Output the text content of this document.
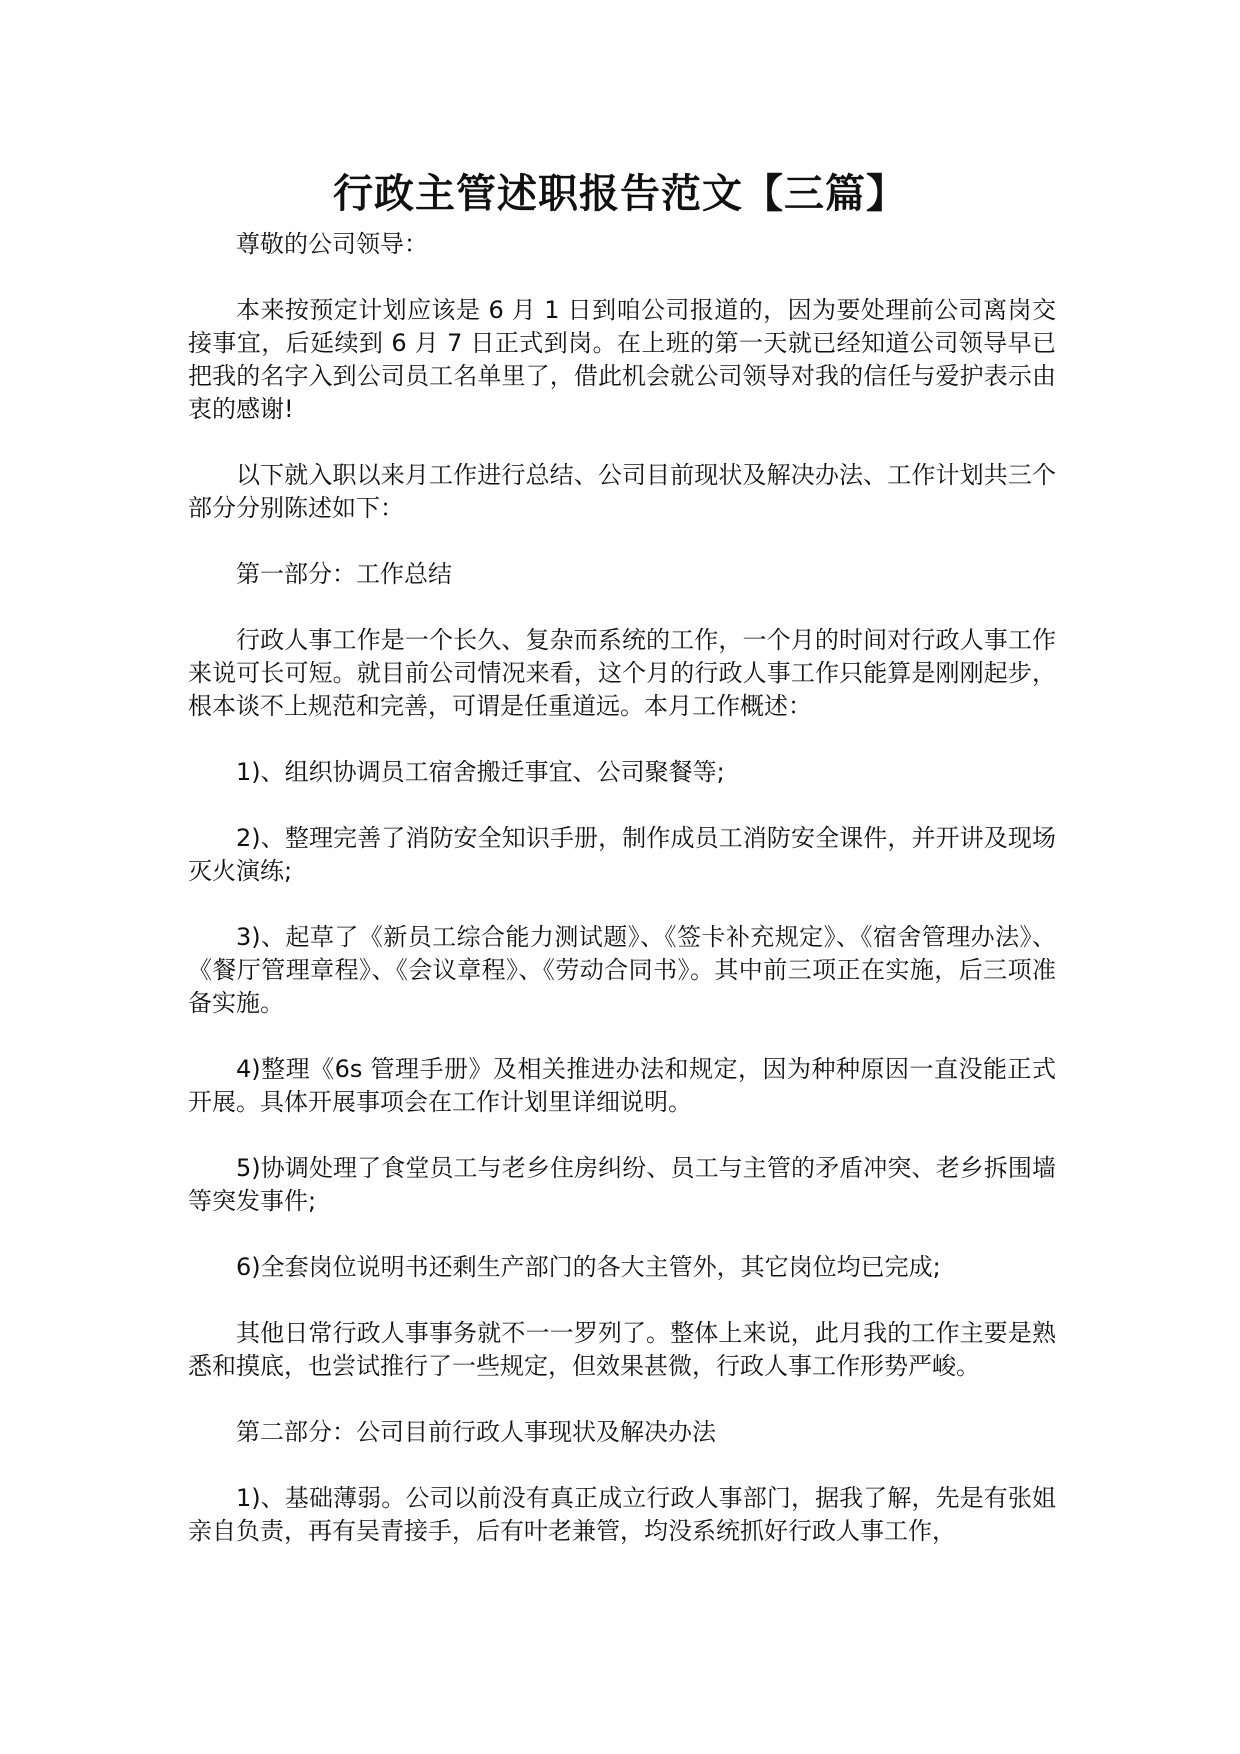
行政主管述职报告范文【三篇】

尊敬的公司领导：

本来按预定计划应该是 6 月 1 日到咱公司报道的，因为要处理前公司离岗交接事宜，后延续到 6 月 7 日正式到岗。在上班的第一天就已经知道公司领导早已把我的名字入到公司员工名单里了，借此机会就公司领导对我的信任与爱护表示由衷的感谢!

以下就入职以来月工作进行总结、公司目前现状及解决办法、工作计划共三个部分分别陈述如下：

第一部分：工作总结

行政人事工作是一个长久、复杂而系统的工作，一个月的时间对行政人事工作来说可长可短。就目前公司情况来看，这个月的行政人事工作只能算是刚刚起步，根本谈不上规范和完善，可谓是任重道远。本月工作概述：

1)、组织协调员工宿舍搬迁事宜、公司聚餐等;

2)、整理完善了消防安全知识手册，制作成员工消防安全课件，并开讲及现场灭火演练;

3)、起草了《新员工综合能力测试题》、《签卡补充规定》、《宿舍管理办法》、《餐厅管理章程》、《会议章程》、《劳动合同书》。其中前三项正在实施，后三项准备实施。

4)整理《6s 管理手册》及相关推进办法和规定，因为种种原因一直没能正式开展。具体开展事项会在工作计划里详细说明。

5)协调处理了食堂员工与老乡住房纠纷、员工与主管的矛盾冲突、老乡拆围墙等突发事件;

6)全套岗位说明书还剩生产部门的各大主管外，其它岗位均已完成;

其他日常行政人事事务就不一一罗列了。整体上来说，此月我的工作主要是熟悉和摸底，也尝试推行了一些规定，但效果甚微，行政人事工作形势严峻。

第二部分：公司目前行政人事现状及解决办法

1)、基础薄弱。公司以前没有真正成立行政人事部门，据我了解，先是有张姐亲自负责，再有吴青接手，后有叶老兼管，均没系统抓好行政人事工作，
